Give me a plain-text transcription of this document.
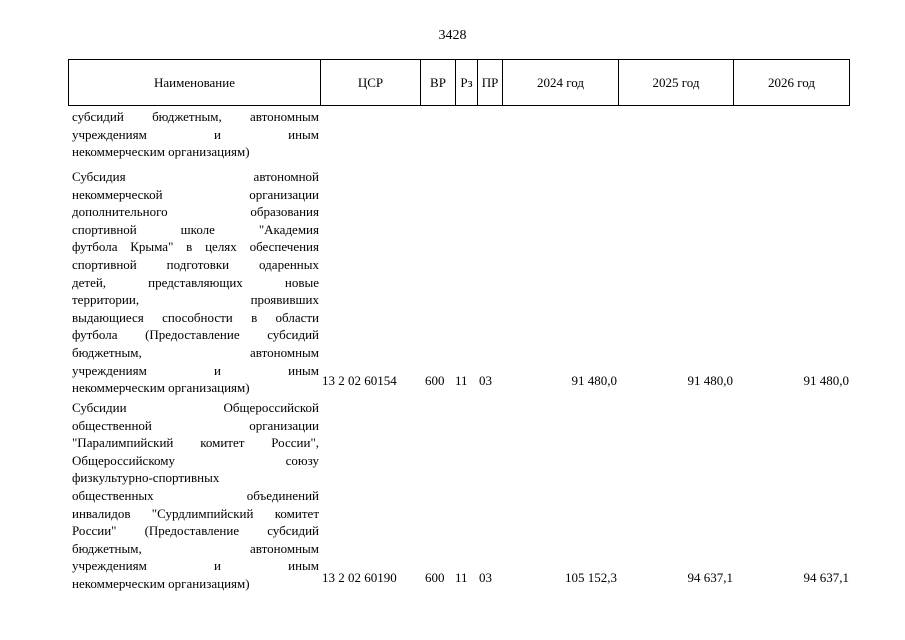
3428
Наименование	ЦСР	ВР	Рз ПР	2024 год	2025 год	2026 год
субсидий бюджетным, автономным
учреждениям и иным
некоммерческим организациям)
Субсидия автономной
некоммерческой организации
дополнительного образования
спортивной школе "Академия
футбола Крыма" в целях обеспечения
спортивной подготовки одаренных
детей, представляющих новые
территории, проявивших
выдающиеся способности в области
футбола (Предоставление субсидий
бюджетным, автономным
учреждениям и иным
некоммерческим организациям)	13 2 02 60154 600 11 03	91 480,0	91 480,0	91 480,0
Субсидии Общероссийской
общественной организации
"Паралимпийский комитет России",
Общероссийскому союзу
физкультурно-спортивных
общественных объединений
инвалидов "Сурдлимпийский комитет
России" (Предоставление субсидий
бюджетным, автономным
учреждениям и иным
некоммерческим организациям)	13 2 02 60190 600 11 03	105 152,3	94 637,1	94 637,1
